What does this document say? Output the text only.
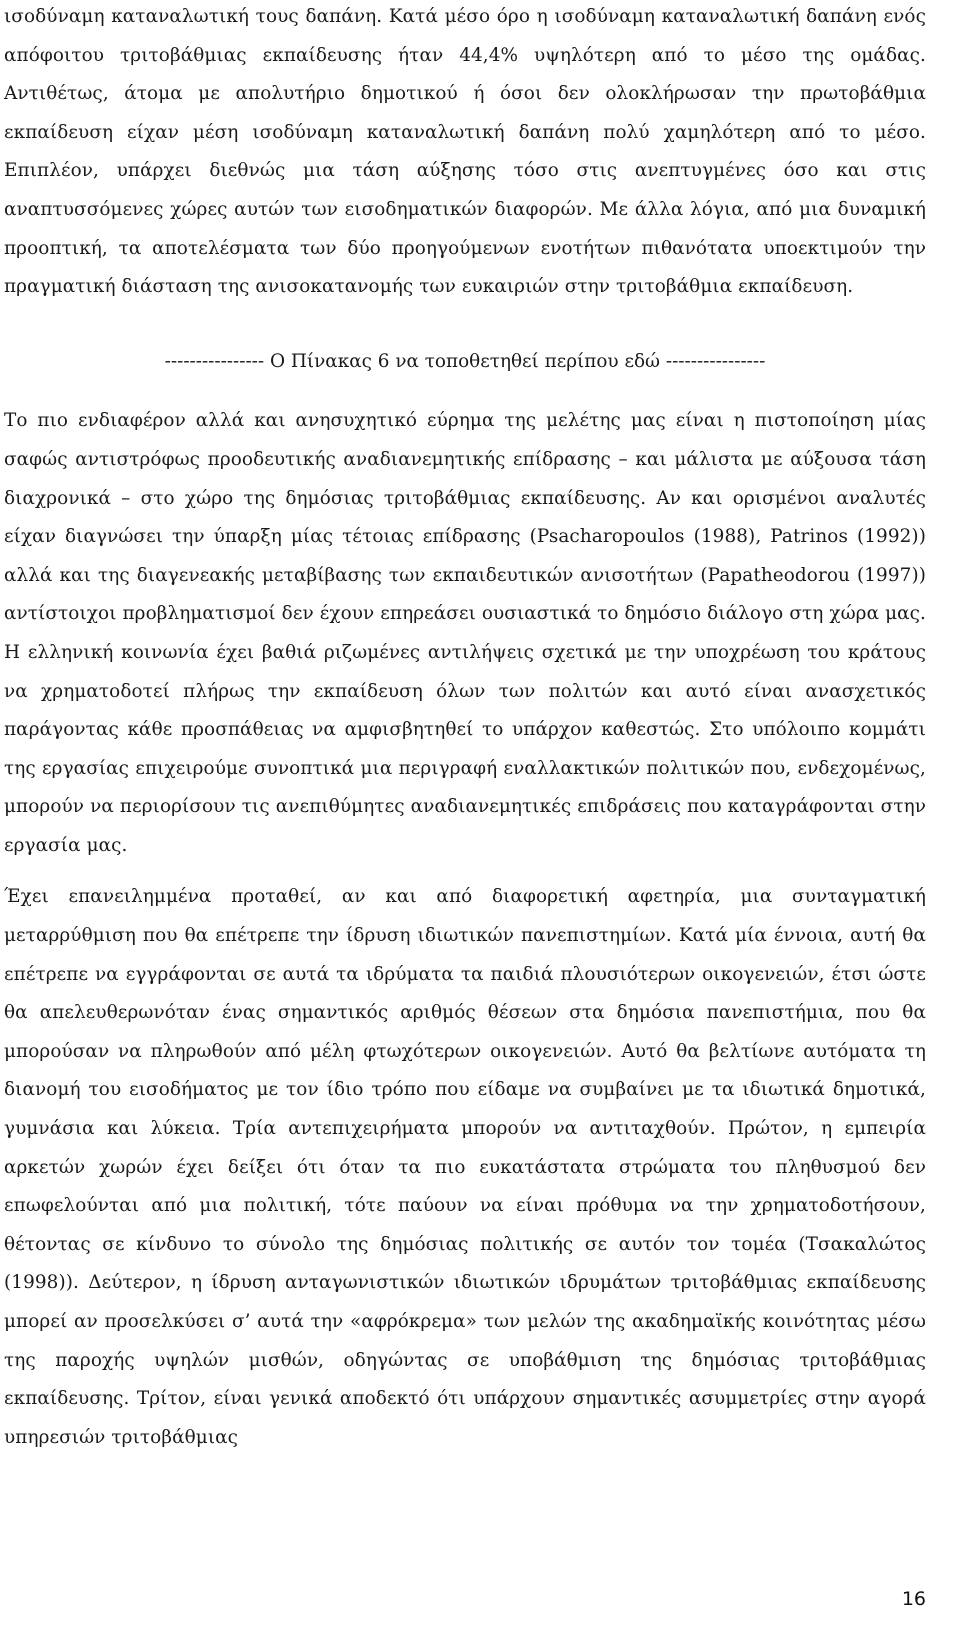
ισοδύναμη καταναλωτική τους δαπάνη. Κατά μέσο όρο η ισοδύναμη καταναλωτική δαπάνη ενός απόφοιτου τριτοβάθμιας εκπαίδευσης ήταν 44,4% υψηλότερη από το μέσο της ομάδας. Αντιθέτως, άτομα με απολυτήριο δημοτικού ή όσοι δεν ολοκλήρωσαν την πρωτοβάθμια εκπαίδευση είχαν μέση ισοδύναμη καταναλωτική δαπάνη πολύ χαμηλότερη από το μέσο. Επιπλέον, υπάρχει διεθνώς μια τάση αύξησης τόσο στις ανεπτυγμένες όσο και στις αναπτυσσόμενες χώρες αυτών των εισοδηματικών διαφορών. Με άλλα λόγια, από μια δυναμική προοπτική, τα αποτελέσματα των δύο προηγούμενων ενοτήτων πιθανότατα υποεκτιμούν την πραγματική διάσταση της ανισοκατανομής των ευκαιριών στην τριτοβάθμια εκπαίδευση.

---------------- Ο Πίνακας 6 να τοποθετηθεί περίπου εδώ ----------------

Το πιο ενδιαφέρον αλλά και ανησυχητικό εύρημα της μελέτης μας είναι η πιστοποίηση μίας σαφώς αντιστρόφως προοδευτικής αναδιανεμητικής επίδρασης – και μάλιστα με αύξουσα τάση διαχρονικά – στο χώρο της δημόσιας τριτοβάθμιας εκπαίδευσης. Αν και ορισμένοι αναλυτές είχαν διαγνώσει την ύπαρξη μίας τέτοιας επίδρασης (Psacharopoulos (1988), Patrinos (1992)) αλλά και της διαγενεακής μεταβίβασης των εκπαιδευτικών ανισοτήτων (Papatheodorou (1997)) αντίστοιχοι προβληματισμοί δεν έχουν επηρεάσει ουσιαστικά το δημόσιο διάλογο στη χώρα μας. Η ελληνική κοινωνία έχει βαθιά ριζωμένες αντιλήψεις σχετικά με την υποχρέωση του κράτους να χρηματοδοτεί πλήρως την εκπαίδευση όλων των πολιτών και αυτό είναι ανασχετικός παράγοντας κάθε προσπάθειας να αμφισβητηθεί το υπάρχον καθεστώς. Στο υπόλοιπο κομμάτι της εργασίας επιχειρούμε συνοπτικά μια περιγραφή εναλλακτικών πολιτικών που, ενδεχομένως, μπορούν να περιορίσουν τις ανεπιθύμητες αναδιανεμητικές επιδράσεις που καταγράφονται στην εργασία μας.

Έχει επανειλημμένα προταθεί, αν και από διαφορετική αφετηρία, μια συνταγματική μεταρρύθμιση που θα επέτρεπε την ίδρυση ιδιωτικών πανεπιστημίων. Κατά μία έννοια, αυτή θα επέτρεπε να εγγράφονται σε αυτά τα ιδρύματα τα παιδιά πλουσιότερων οικογενειών, έτσι ώστε θα απελευθερωνόταν ένας σημαντικός αριθμός θέσεων στα δημόσια πανεπιστήμια, που θα μπορούσαν να πληρωθούν από μέλη φτωχότερων οικογενειών. Αυτό θα βελτίωνε αυτόματα τη διανομή του εισοδήματος με τον ίδιο τρόπο που είδαμε να συμβαίνει με τα ιδιωτικά δημοτικά, γυμνάσια και λύκεια. Τρία αντεπιχειρήματα μπορούν να αντιταχθούν. Πρώτον, η εμπειρία αρκετών χωρών έχει δείξει ότι όταν τα πιο ευκατάστατα στρώματα του πληθυσμού δεν επωφελούνται από μια πολιτική, τότε παύουν να είναι πρόθυμα να την χρηματοδοτήσουν, θέτοντας σε κίνδυνο το σύνολο της δημόσιας πολιτικής σε αυτόν τον τομέα (Τσακαλώτος (1998)). Δεύτερον, η ίδρυση ανταγωνιστικών ιδιωτικών ιδρυμάτων τριτοβάθμιας εκπαίδευσης μπορεί αν προσελκύσει σ’ αυτά την «αφρόκρεμα» των μελών της ακαδημαϊκής κοινότητας μέσω της παροχής υψηλών μισθών, οδηγώντας σε υποβάθμιση της δημόσιας τριτοβάθμιας εκπαίδευσης. Τρίτον, είναι γενικά αποδεκτό ότι υπάρχουν σημαντικές ασυμμετρίες στην αγορά υπηρεσιών τριτοβάθμιας

16
